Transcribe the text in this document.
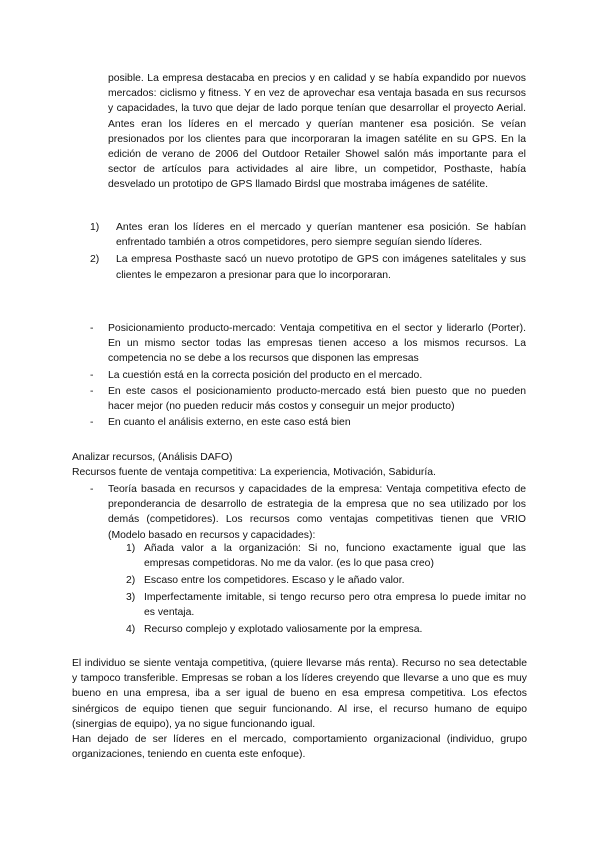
posible. La empresa destacaba en precios y en calidad y se había expandido por nuevos mercados: ciclismo y fitness. Y en vez de aprovechar esa ventaja basada en sus recursos y capacidades, la tuvo que dejar de lado porque tenían que desarrollar el proyecto Aerial. Antes eran los líderes en el mercado y querían mantener esa posición. Se veían presionados por los clientes para que incorporaran la imagen satélite en su GPS. En la edición de verano de 2006 del Outdoor Retailer Showel salón más importante para el sector de artículos para actividades al aire libre, un competidor, Posthaste, había desvelado un prototipo de GPS llamado Birdsl que mostraba imágenes de satélite.

1) Antes eran los líderes en el mercado y querían mantener esa posición. Se habían enfrentado también a otros competidores, pero siempre seguían siendo líderes.
2) La empresa Posthaste sacó un nuevo prototipo de GPS con imágenes satelitales y sus clientes le empezaron a presionar para que lo incorporaran.
- Posicionamiento producto-mercado: Ventaja competitiva en el sector y liderarlo (Porter). En un mismo sector todas las empresas tienen acceso a los mismos recursos. La competencia no se debe a los recursos que disponen las empresas
- La cuestión está en la correcta posición del producto en el mercado.
- En este casos el posicionamiento producto-mercado está bien puesto que no pueden hacer mejor (no pueden reducir más costos y conseguir un mejor producto)
- En cuanto el análisis externo, en este caso está bien

Analizar recursos, (Análisis DAFO)

Recursos fuente de ventaja competitiva: La experiencia, Motivación, Sabiduría.

- Teoría basada en recursos y capacidades de la empresa: Ventaja competitiva efecto de preponderancia de desarrollo de estrategia de la empresa que no sea utilizado por los demás (competidores). Los recursos como ventajas competitivas tienen que VRIO (Modelo basado en recursos y capacidades):
1) Añada valor a la organización: Si no, funciono exactamente igual que las empresas competidoras. No me da valor. (es lo que pasa creo)
2) Escaso entre los competidores. Escaso y le añado valor.
3) Imperfectamente imitable, si tengo recurso pero otra empresa lo puede imitar no es ventaja.
4) Recurso complejo y explotado valiosamente por la empresa.

El individuo se siente ventaja competitiva, (quiere llevarse más renta). Recurso no sea detectable y tampoco transferible. Empresas se roban a los líderes creyendo que llevarse a uno que es muy bueno en una empresa, iba a ser igual de bueno en esa empresa competitiva. Los efectos sinérgicos de equipo tienen que seguir funcionando. Al irse, el recurso humano de equipo (sinergias de equipo), ya no sigue funcionando igual.

Han dejado de ser líderes en el mercado, comportamiento organizacional (individuo, grupo organizaciones, teniendo en cuenta este enfoque).
